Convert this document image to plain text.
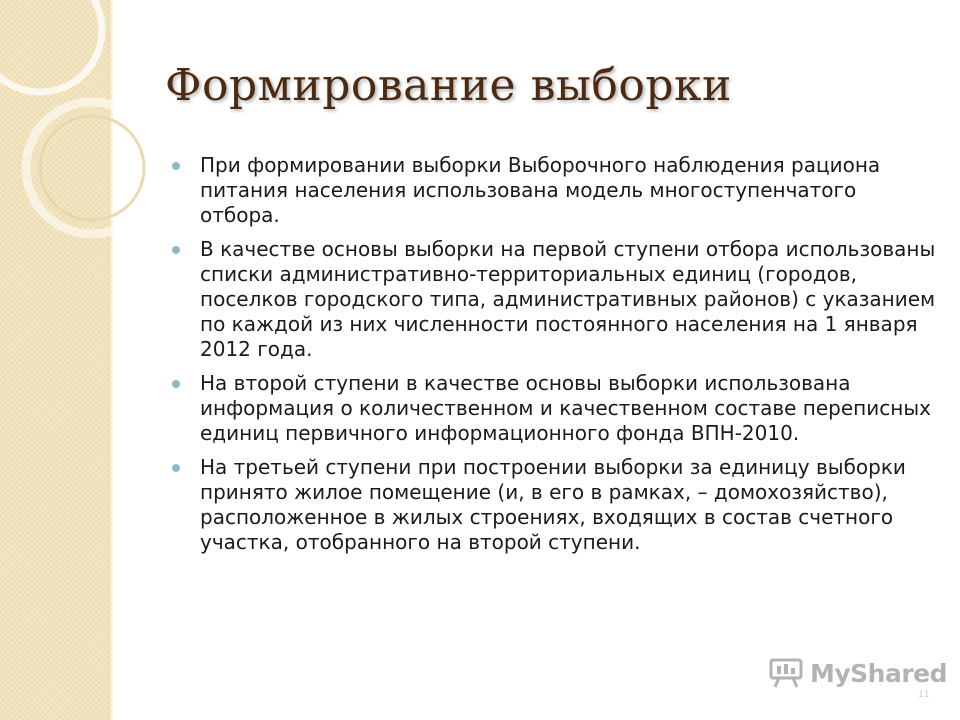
Формирование выборки
При формировании выборки Выборочного наблюдения рациона питания населения использована модель многоступенчатого отбора.
В качестве основы выборки на первой ступени отбора использованы списки административно-территориальных единиц (городов, поселков городского типа, административных районов) с указанием по каждой из них численности постоянного населения на 1 января 2012 года.
На второй ступени в качестве основы выборки использована информация о количественном и качественном составе переписных единиц первичного информационного фонда ВПН-2010.
На третьей ступени при построении выборки за единицу выборки принято жилое помещение (и, в его в рамках, – домохозяйство), расположенное в жилых строениях, входящих в состав счетного участка, отобранного на второй ступени.
MyShared
11
